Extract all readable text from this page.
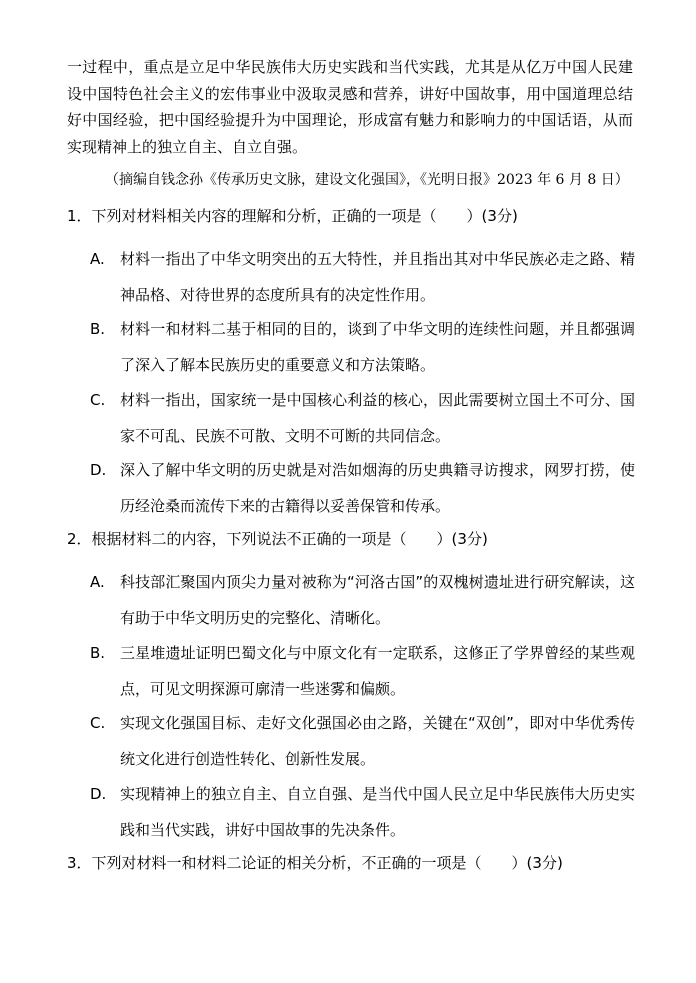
一过程中，重点是立足中华民族伟大历史实践和当代实践，尤其是从亿万中国人民建设中国特色社会主义的宏伟事业中汲取灵感和营养，讲好中国故事，用中国道理总结好中国经验，把中国经验提升为中国理论，形成富有魅力和影响力的中国话语，从而实现精神上的独立自主、自立自强。

（摘编自钱念孙《传承历史文脉，建设文化强国》，《光明日报》2023 年 6 月 8 日）

1．下列对材料相关内容的理解和分析，正确的一项是（　　）(3分)

A.	材料一指出了中华文明突出的五大特性，并且指出其对中华民族必走之路、精神品格、对待世界的态度所具有的决定性作用。
B. 材料一和材料二基于相同的目的，谈到了中华文明的连续性问题，并且都强调了深入了解本民族历史的重要意义和方法策略。
C. 材料一指出，国家统一是中国核心利益的核心，因此需要树立国土不可分、国家不可乱、民族不可散、文明不可断的共同信念。
D. 深入了解中华文明的历史就是对浩如烟海的历史典籍寻访搜求，网罗打捞，使历经沧桑而流传下来的古籍得以妥善保管和传承。

2．根据材料二的内容，下列说法不正确的一项是（　　）(3分)

A.	科技部汇聚国内顶尖力量对被称为“河洛古国”的双槐树遗址进行研究解读，这有助于中华文明历史的完整化、清晰化。
B. 三星堆遗址证明巴蜀文化与中原文化有一定联系，这修正了学界曾经的某些观点，可见文明探源可廓清一些迷雾和偏颇。
C. 实现文化强国目标、走好文化强国必由之路，关键在“双创”，即对中华优秀传统文化进行创造性转化、创新性发展。
D. 实现精神上的独立自主、自立自强、是当代中国人民立足中华民族伟大历史实践和当代实践，讲好中国故事的先决条件。

3．下列对材料一和材料二论证的相关分析，不正确的一项是（　　）(3分)
